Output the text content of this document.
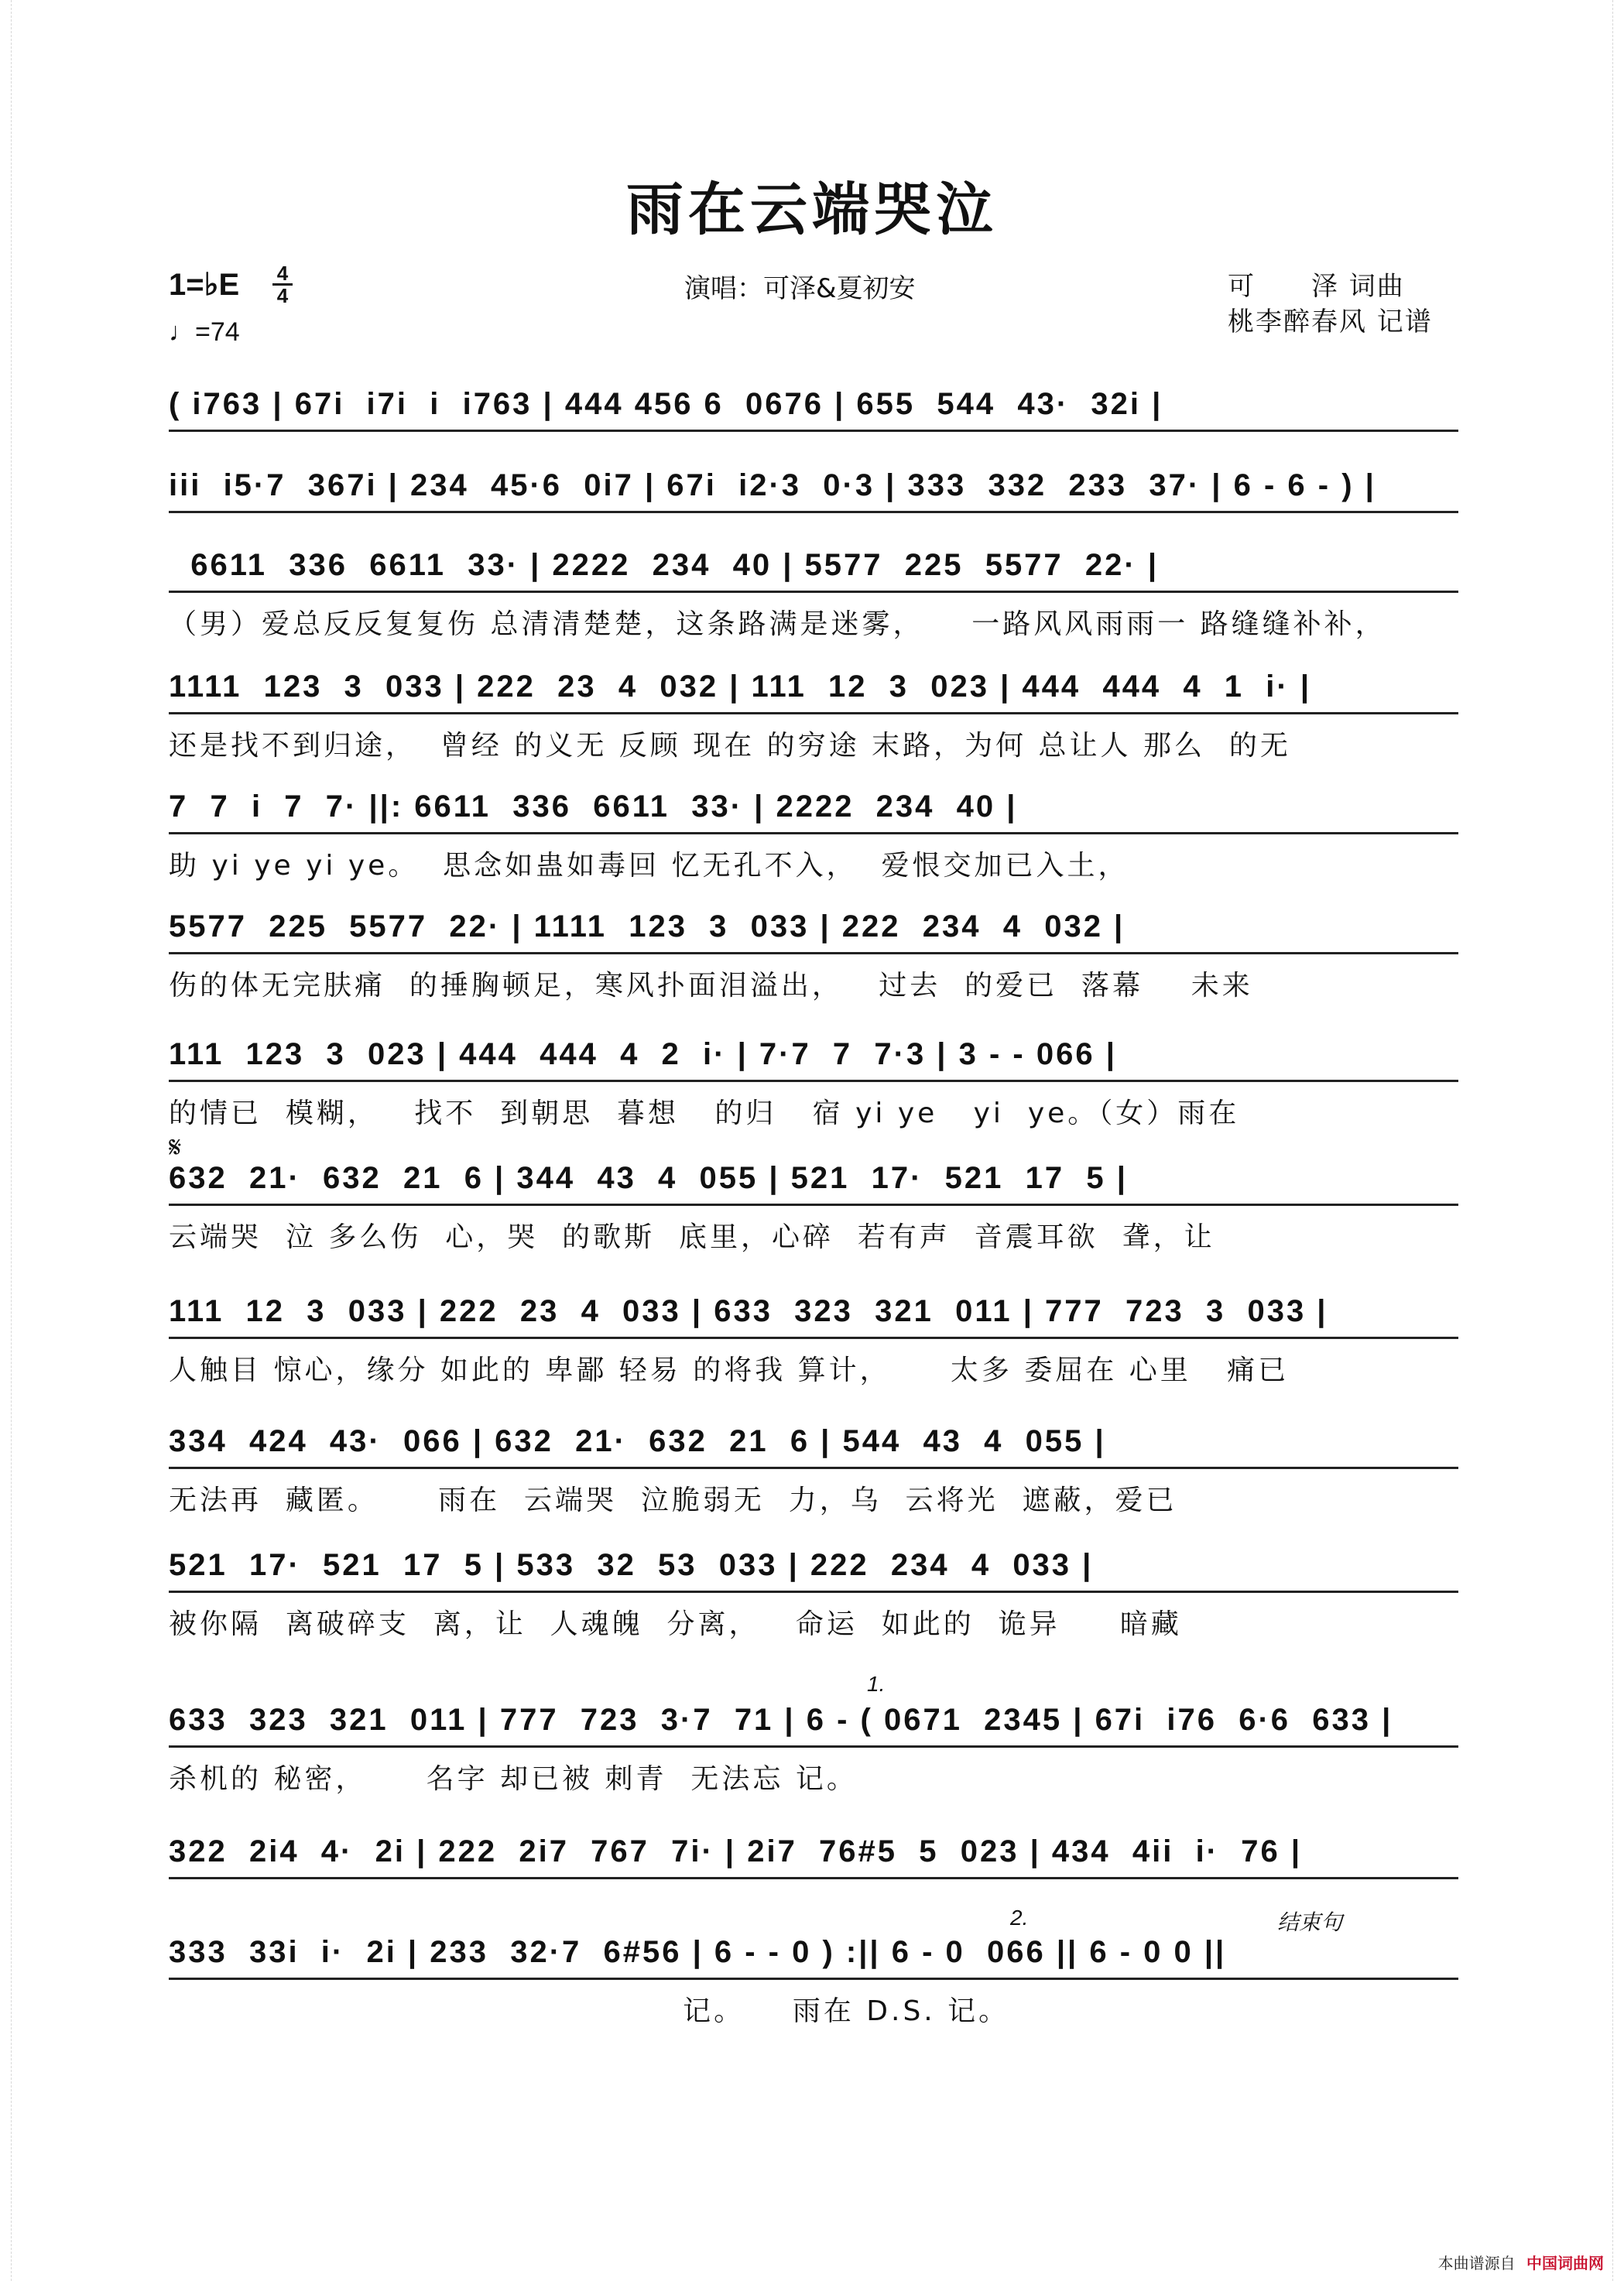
雨在云端哭泣
1=♭E 4
4
♩=74
演唱：可泽&夏初安	可　　泽 词曲
桃李醉春风 记谱
𝄋
( i763 | 67i  i7i  i  i763 | 444 456 6  0676 | 655  544  43·  32i |
iii  i5·7  367i | 234  45·6  0i7 | 67i  i2·3  0·3 | 333  332  233  37· | 6 - 6 - ) |
6611  336  6611  33· | 2222  234  40 | 5577  225  5577  22· |
（男）爱总反反复复伤 总清清楚楚，这条路满是迷雾，    一路风风雨雨一 路缝缝补补，
1111  123  3  033 | 222  23  4  032 | 111  12  3  023 | 444  444  4  1  i· |
还是找不到归途，  曾经 的义无 反顾 现在 的穷途 末路，为何 总让人 那么  的无
7  7  i  7  7· ||: 6611  336  6611  33· | 2222  234  40 |
助 yi ye yi ye。  思念如蛊如毒回 忆无孔不入，  爱恨交加已入土，
5577  225  5577  22· | 1111  123  3  033 | 222  234  4  032 |
伤的体无完肤痛  的捶胸顿足，寒风扑面泪溢出，   过去  的爱已  落幕    未来
111  123  3  023 | 444  444  4  2  i· | 7·7  7  7·3 | 3 - - 066 |
的情已  模糊，   找不  到朝思  暮想   的归   宿 yi ye   yi  ye。（女）雨在
632  21·  632  21  6 | 344  43  4  055 | 521  17·  521  17  5 |
云端哭  泣 多么伤  心，哭  的歌斯  底里，心碎  若有声  音震耳欲  聋，让
111  12  3  033 | 222  23  4  033 | 633  323  321  011 | 777  723  3  033 |
人触目 惊心，缘分 如此的 卑鄙 轻易 的将我 算计，     太多 委屈在 心里   痛已
334  424  43·  066 | 632  21·  632  21  6 | 544  43  4  055 |
无法再  藏匿。     雨在  云端哭  泣脆弱无  力，乌  云将光  遮蔽，爱已
521  17·  521  17  5 | 533  32  53  033 | 222  234  4  033 |
被你隔  离破碎支  离，让  人魂魄  分离，   命运  如此的  诡异     暗藏
633  323  321  011 | 777  723  3·7  71 | 6 - ( 0671  2345 | 67i  i76  6·6  633 |
杀机的 秘密，     名字 却已被 刺青  无法忘 记。
322  2i4  4·  2i | 222  2i7  767  7i· | 2i7  76#5  5  023 | 434  4ii  i·  76 |
333  33i  i·  2i | 233  32·7  6#56 | 6 - - 0 ) :|| 6 - 0  066 || 6 - 0 0 ||
记。    雨在 D.S. 记。
1.
2.	结束句
本曲谱源自 中国词曲网
